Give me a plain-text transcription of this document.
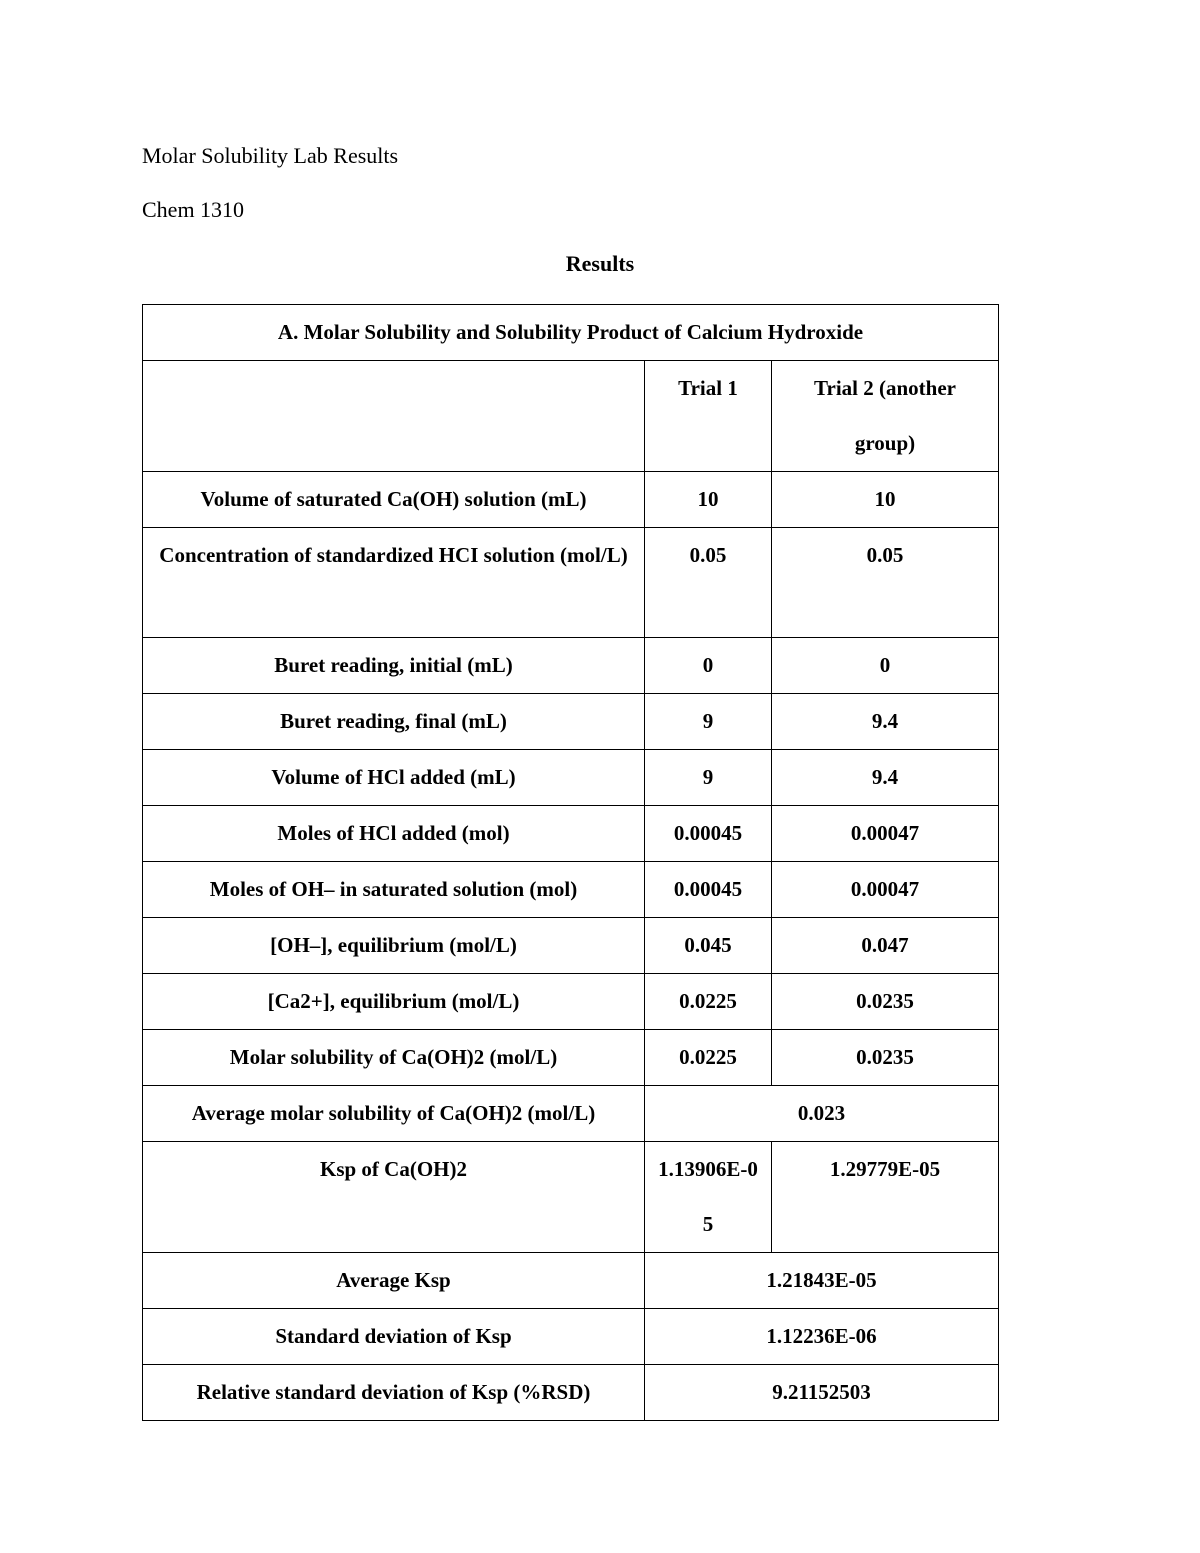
Molar Solubility Lab Results
Chem 1310
Results
A. Molar Solubility and Solubility Product of Calcium Hydroxide		
	Trial 1	Trial 2 (another group)
Volume of saturated Ca(OH) solution (mL)	10	10
Concentration of standardized HCI solution (mol/L)	0.05	0.05
Buret reading, initial (mL)	0	0
Buret reading, final (mL)	9	9.4
Volume of HCl added (mL)	9	9.4
Moles of HCl added (mol)	0.00045	0.00047
Moles of OH– in saturated solution (mol)	0.00045	0.00047
[OH–], equilibrium (mol/L)	0.045	0.047
[Ca2+], equilibrium (mol/L)	0.0225	0.0235
Molar solubility of Ca(OH)2 (mol/L)	0.0225	0.0235
Average molar solubility of Ca(OH)2 (mol/L)	0.023	
Ksp of Ca(OH)2	1.13906E-05	1.29779E-05
Average Ksp	1.21843E-05	
Standard deviation of Ksp	1.12236E-06	
Relative standard deviation of Ksp (%RSD)	9.21152503	
